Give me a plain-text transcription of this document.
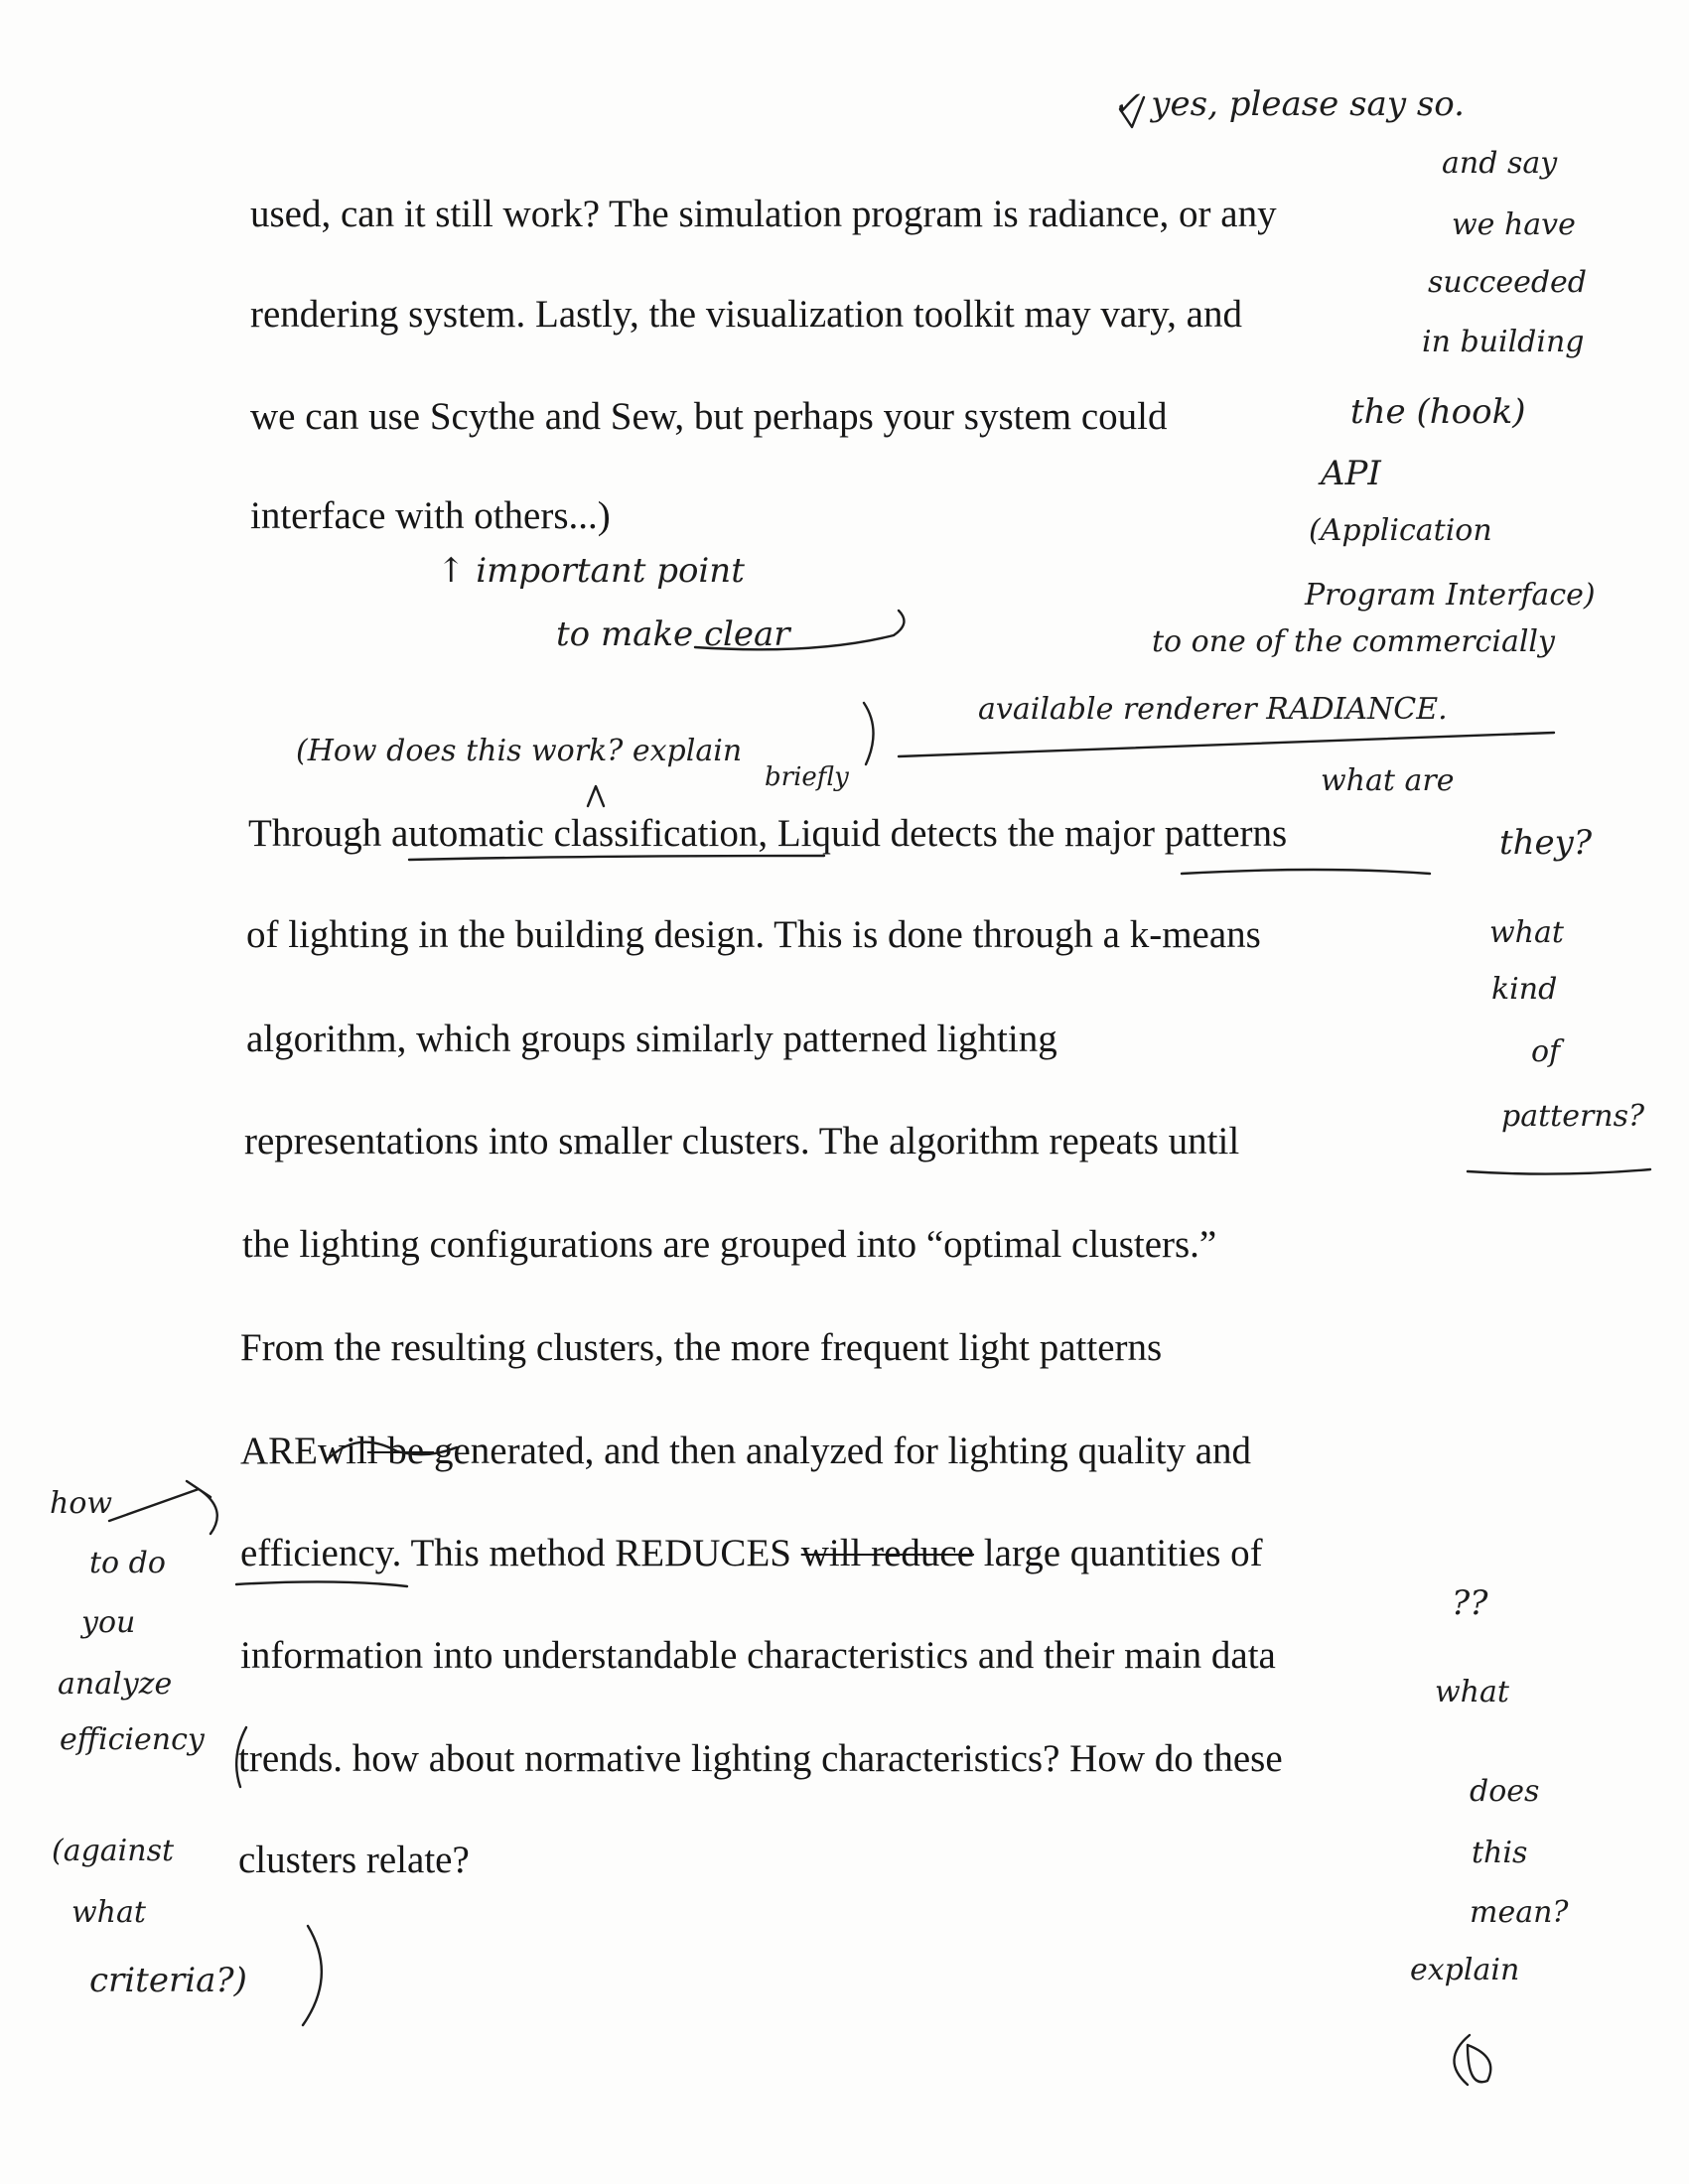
used, can it still work? The simulation program is radiance, or any
rendering system. Lastly, the visualization toolkit may vary, and
we can use Scythe and Sew, but perhaps your system could
interface with others...)
Through automatic classification, Liquid detects the major patterns
of lighting in the building design. This is done through a k-means
algorithm, which groups similarly patterned lighting
representations into smaller clusters. The algorithm repeats until
the lighting configurations are grouped into “optimal clusters.”
From the resulting clusters, the more frequent light patterns
AREwill be generated, and then analyzed for lighting quality and
efficiency. This method REDUCES will reduce large quantities of
information into understandable characteristics and their main data
trends. how about normative lighting characteristics? How do these
clusters relate?
✓ yes, please say so.
and say
we have
succeeded
in building
the (hook)
API
(Application
Program Interface)
to one of the commercially
available renderer RADIANCE.
↑ important point
to make clear
(How does this work? explain
briefly	what are
they?
what
kind
of
patterns?
how
to do
you
analyze
efficiency
(against
what
criteria?)
??
what
does
this
mean?
explain
